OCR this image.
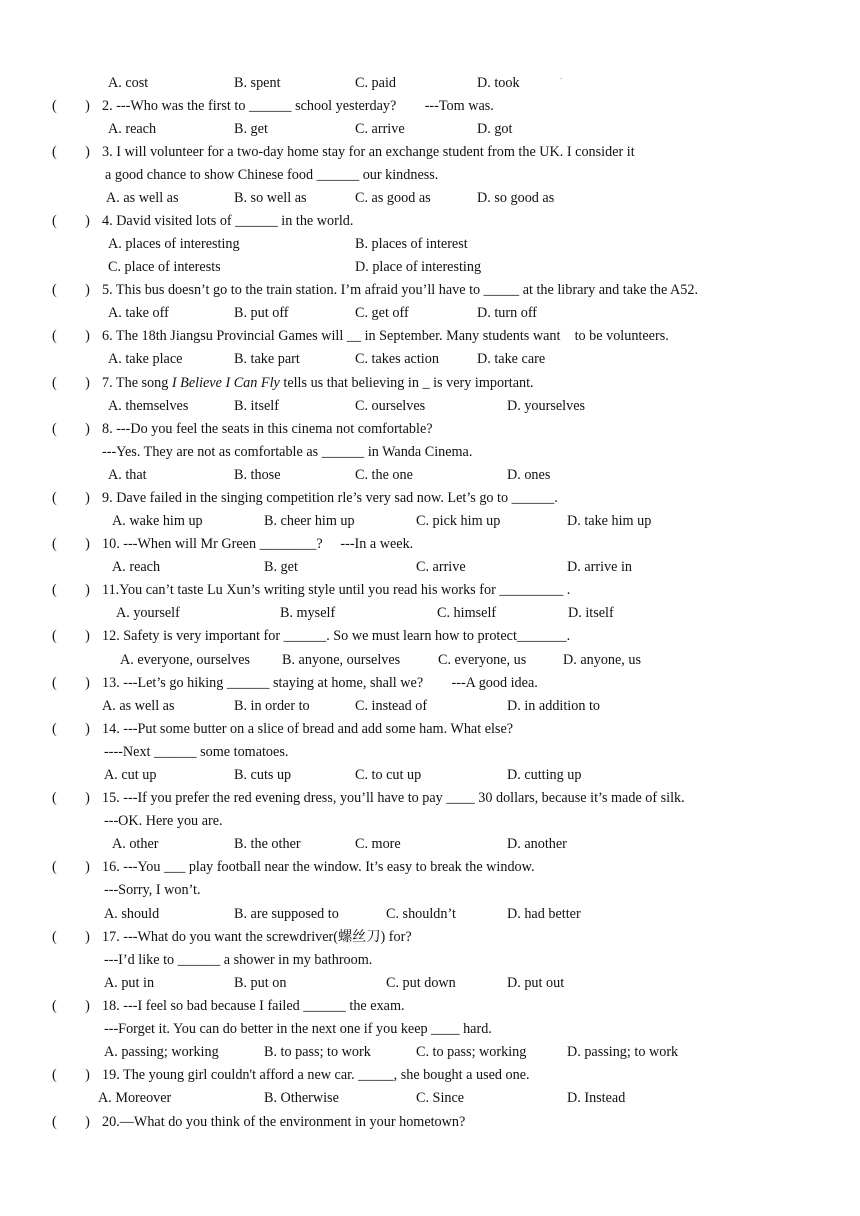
.
A. cost	B. spent	C. paid	D. took
(        ) 2. ---Who was the first to ______ school yesterday?        ---Tom was.
A. reach	B. get	C. arrive	D. got
(        ) 3. I will volunteer for a two-day home stay for an exchange student from the UK. I consider it
a good chance to show Chinese food ______ our kindness.
A. as well as	B. so well as	C. as good as	D. so good as
(        ) 4. David visited lots of ______ in the world.
A. places of interesting	B. places of interest
C. place of interests	D. place of interesting
(        ) 5. This bus doesn’t go to the train station. I’m afraid you’ll have to _____ at the library and take the A52.
A. take off	B. put off	C. get off	D. turn off
(        ) 6. The 18th Jiangsu Provincial Games will __ in September. Many students want    to be volunteers.
A. take place	B. take part	C. takes action	D. take care
(        ) 7. The song I Believe I Can Fly tells us that believing in _ is very important.
A. themselves	B. itself	C. ourselves	D. yourselves
(        ) 8. ---Do you feel the seats in this cinema not comfortable?
---Yes. They are not as comfortable as ______ in Wanda Cinema.
A. that	B. those	C. the one	D. ones
(        ) 9. Dave failed in the singing competition rle’s very sad now. Let’s go to ______.
A. wake him up	B. cheer him up	C. pick him up	D. take him up
(        ) 10. ---When will Mr Green ________?     ---In a week.
A. reach	B. get	C. arrive	D. arrive in
(        ) 11.You can’t taste Lu Xun’s writing style until you read his works for _________ .
A. yourself	B. myself	C. himself	D. itself
(        ) 12. Safety is very important for ______. So we must learn how to protect_______.
A. everyone, ourselves B. anyone, ourselves	C. everyone, us	D. anyone, us
(        ) 13. ---Let’s go hiking ______ staying at home, shall we?        ---A good idea.
A. as well as	B. in order to	C. instead of	D. in addition to
(        ) 14. ---Put some butter on a slice of bread and add some ham. What else?
----Next ______ some tomatoes.
A. cut up	B. cuts up	C. to cut up	D. cutting up
(        ) 15. ---If you prefer the red evening dress, you’ll have to pay ____ 30 dollars, because it’s made of silk.
---OK. Here you are.
A. other	B. the other	C. more	D. another
(        ) 16. ---You ___ play football near the window. It’s easy to break the window.
---Sorry, I won’t.
A. should	B. are supposed to	C. shouldn’t	D. had better
(        ) 17. ---What do you want the screwdriver(螺丝刀) for?
---I’d like to ______ a shower in my bathroom.
A. put in	B. put on	C. put down	D. put out
(        ) 18. ---I feel so bad because I failed ______ the exam.
---Forget it. You can do better in the next one if you keep ____ hard.
A. passing; working	B. to pass; to work	C. to pass; working	D. passing; to work
(        ) 19. The young girl couldn't afford a new car. _____, she bought a used one.
A. Moreover	B. Otherwise	C. Since	D. Instead
(        ) 20.—What do you think of the environment in your hometown?
